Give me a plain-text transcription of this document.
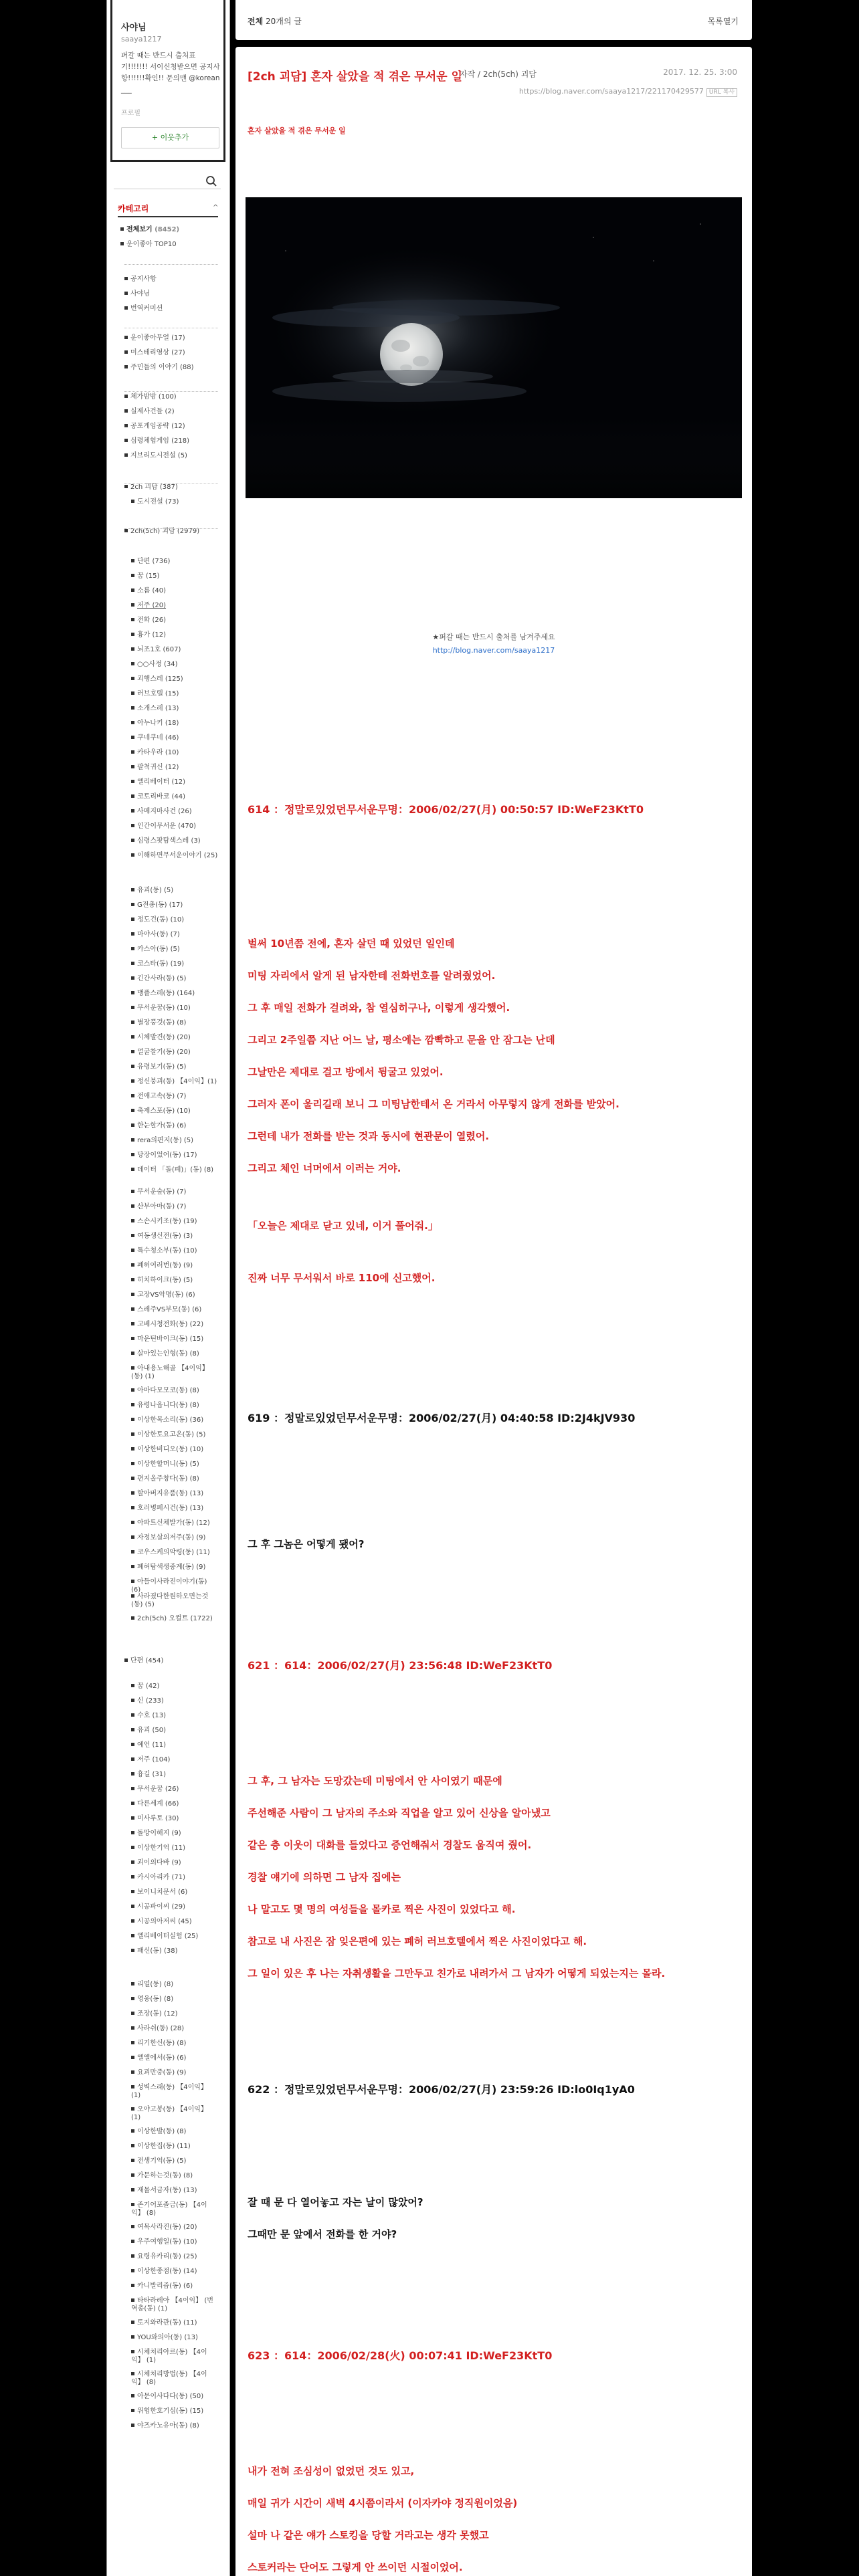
사야님
saaya1217
퍼갈 때는 반드시 출처표기!!!!!!! 서이신청받으면 공지사항!!!!!!확인!! 문의맨 @korean___
프로필
+ 이웃추가
카테고리	^
전체보기 (8452)
운이좋아 TOP10
공지사항
사야님
번역커미션
운이좋아무얼 (17)
미스테리영상 (27)
주민들의 이야기 (88)
체가밤밤 (100)
실제사건들 (2)
공포게임공략 (12)
심령체험게임 (218)
지브리도시전설 (5)
2ch 괴담 (387)
도시전설 (73)
2ch(5ch) 괴담 (2979)
단편 (736)
꿈 (15)
소름 (40)
저주 (20)
전화 (26)
흉가 (12)
뇌조1호 (607)
○○사정 (34)
괴행스레 (125)
러브호텔 (15)
소개스레 (13)
아누나키 (18)
쿠네쿠네 (46)
카타우라 (10)
팔척귀신 (12)
엘리베이터 (12)
코토리바코 (44)
사메지마사건 (26)
인간이무서운 (470)
심령스팟탐색스레 (3)
이해하면무서운이야기 (25)
유괴(동) (5)
G전총(동) (17)
정도건(동) (10)
마야사(동) (7)
카스아(동) (5)
코스타(동) (19)
긴간사라(동) (5)
맹플스레(동) (164)
무서운꿈(동) (10)
별장풍것(동) (8)
시체발견(동) (20)
얼굴찰기(동) (20)
유령보기(동) (5)
정신붕괴(동) 【4이익】(1)
전애고속(동) (7)
축제스포(동) (10)
한눈할가(동) (6)
rera의편지(동) (5)
당장이었어(동) (17)
데이터 「돌(폐)」(동) (8)
무서운숲(동) (7)
산부아마(동) (7)
스손시키조(동) (19)
여동생신전(동) (3)
특수청소부(동) (10)
폐허여러번(동) (9)
히치하이크(동) (5)
고장VS악명(동) (6)
스레주VS부모(동) (6)
고베시청전화(동) (22)
마운틴바이크(동) (15)
살아있는인형(동) (8)
아내용노해골 【4이익】(동) (1)
아마다모모코(동) (8)
유령나옵니다(동) (8)
이상한목소리(동) (36)
이상한토요고온(동) (5)
이상한비디오(동) (10)
이상한할머니(동) (5)
편지올주창다(동) (8)
할아버지유품(동) (13)
호러병페시건(동) (13)
아파트신체발가(동) (12)
자정보살의저주(동) (9)
코우스케의악령(동) (11)
폐허탐색생중계(동) (9)
아들이사라진이야기(동) (6)
사라졌다한원하오면는것(동) (5)
2ch(5ch) 오컬트 (1722)
단편 (454)
꿈 (42)
신 (233)
수호 (13)
유괴 (50)
예언 (11)
저주 (104)
흉길 (31)
무서운꿈 (26)
다른세계 (66)
미사루토 (30)
돌망이해지 (9)
이상한기억 (11)
괴이의다바 (9)
카시아리카 (71)
보이니치문서 (6)
시공파이씨 (29)
시공의아저씨 (45)
엘리베이터실험 (25)
패신(동) (38)
리얼(동) (8)
영웅(동) (8)
조장(동) (12)
사라쉬(동) (28)
리기한신(동) (8)
엘엘에서(동) (6)
요괴만중(동) (9)
성벽스래(동) 【4이익】 (1)
오야고봉(동) 【4이익】 (1)
이상한발(동) (8)
이상한집(동) (11)
전생기억(동) (5)
가문하는것(동) (8)
재물서금자(동) (13)
존기어포졸금(동) 【4이익】 (8)
여목사라진(동) (20)
우주여행일(동) (10)
요령유카리(동) (25)
이상한종점(동) (14)
카니발리즘(동) (6)
타타라레아 【4이익】 (번역총(동) (1)
토지와라관(동) (11)
YOU와의아(동) (13)
시체처리아르(동) 【4이익】 (1)
시체처리방법(동) 【4이익】 (8)
아문이사다다(동) (50)
위험한호기심(동) (15)
야즈카노유아(동) (8)
전체 20개의 글	목록열기
[2ch 괴담] 혼자 살았을 적 겪은 무서운 일
자작 / 2ch(5ch) 괴담	2017. 12. 25. 3:00
https://blog.naver.com/saaya1217/221170429577 URL 복사
혼자 살았을 적 겪은 무서운 일
★퍼갈 때는 반드시 출처를 남겨주세요
http://blog.naver.com/saaya1217
614 ：정말로있었던무서운무명：2006/02/27(月) 00:50:57 ID:WeF23KtT0
벌써 10년쯤 전에, 혼자 살던 때 있었던 일인데
미팅 자리에서 알게 된 남자한테 전화번호를 알려줬었어.
그 후 매일 전화가 걸려와, 참 열심히구나, 이렇게 생각했어.
그리고 2주일쯤 지난 어느 날, 평소에는 깜빡하고 문을 안 잠그는 난데
그날만은 제대로 걸고 방에서 뒹굴고 있었어.
그러자 폰이 울리길래 보니 그 미팅남한테서 온 거라서 아무렇지 않게 전화를 받았어.
그런데 내가 전화를 받는 것과 동시에 현관문이 열렸어.
그리고 체인 너머에서 이러는 거야.
「오늘은 제대로 닫고 있네, 이거 풀어줘.」
진짜 너무 무서워서 바로 110에 신고했어.
619 ：정말로있었던무서운무명：2006/02/27(月) 04:40:58 ID:2J4kJV930
그 후 그놈은 어떻게 됐어?
621 ：614：2006/02/27(月) 23:56:48 ID:WeF23KtT0
그 후, 그 남자는 도망갔는데 미팅에서 안 사이였기 때문에
주선해준 사람이 그 남자의 주소와 직업을 알고 있어 신상을 알아냈고
같은 층 이웃이 대화를 들었다고 증언해줘서 경찰도 움직여 줬어.
경찰 얘기에 의하면 그 남자 집에는
나 말고도 몇 명의 여성들을 몰카로 찍은 사진이 있었다고 해.
참고로 내 사진은 잠 잊은편에 있는 폐허 러브호텔에서 찍은 사진이었다고 해.
그 일이 있은 후 나는 자취생활을 그만두고 친가로 내려가서 그 남자가 어떻게 되었는지는 몰라.
622 ：정말로있었던무서운무명：2006/02/27(月) 23:59:26 ID:lo0Iq1yA0
잘 때 문 다 열어놓고 자는 날이 많았어?
그때만 문 앞에서 전화를 한 거야?
623 ：614：2006/02/28(火) 00:07:41 ID:WeF23KtT0
내가 전혀 조심성이 없었던 것도 있고,
매일 귀가 시간이 새벽 4시쯤이라서 (이자카야 정직원이었음)
설마 나 같은 얘가 스토킹을 당할 거라고는 생각 못했고
스토커라는 단어도 그렇게 안 쓰이던 시절이었어.
